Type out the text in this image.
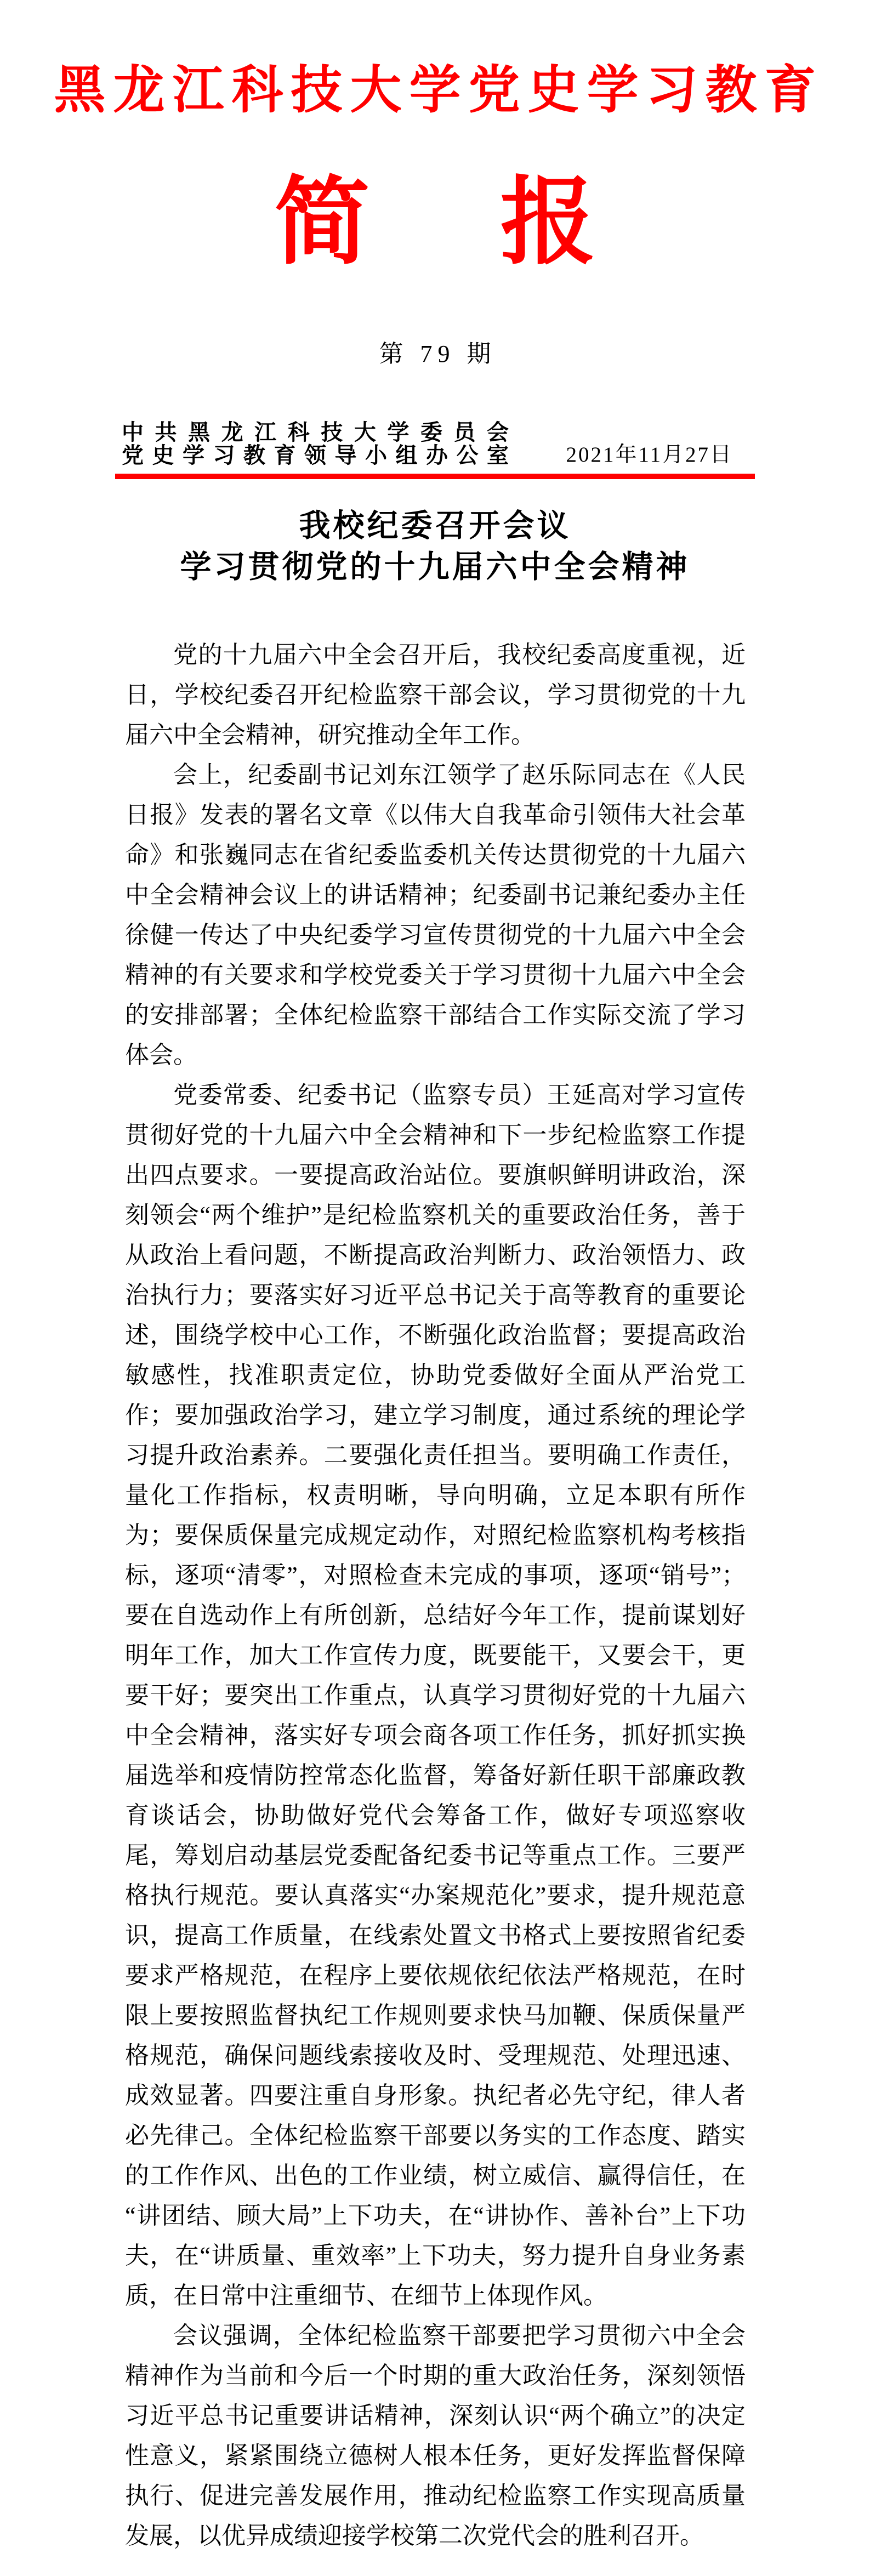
黑龙江科技大学党史学习教育
简 报
第 79 期
中共黑龙江科技大学委员会
党史学习教育领导小组办公室	2021年11月27日
我校纪委召开会议
学习贯彻党的十九届六中全会精神

党的十九届六中全会召开后，我校纪委高度重视，近日，学校纪委召开纪检监察干部会议，学习贯彻党的十九届六中全会精神，研究推动全年工作。

会上，纪委副书记刘东江领学了赵乐际同志在《人民日报》发表的署名文章《以伟大自我革命引领伟大社会革命》和张巍同志在省纪委监委机关传达贯彻党的十九届六中全会精神会议上的讲话精神；纪委副书记兼纪委办主任徐健一传达了中央纪委学习宣传贯彻党的十九届六中全会精神的有关要求和学校党委关于学习贯彻十九届六中全会的安排部署；全体纪检监察干部结合工作实际交流了学习体会。

党委常委、纪委书记（监察专员）王延高对学习宣传贯彻好党的十九届六中全会精神和下一步纪检监察工作提出四点要求。一要提高政治站位。要旗帜鲜明讲政治，深刻领会“两个维护”是纪检监察机关的重要政治任务，善于从政治上看问题，不断提高政治判断力、政治领悟力、政治执行力；要落实好习近平总书记关于高等教育的重要论述，围绕学校中心工作，不断强化政治监督；要提高政治敏感性，找准职责定位，协助党委做好全面从严治党工作；要加强政治学习，建立学习制度，通过系统的理论学习提升政治素养。二要强化责任担当。要明确工作责任，量化工作指标，权责明晰，导向明确，立足本职有所作为；要保质保量完成规定动作，对照纪检监察机构考核指标，逐项“清零”，对照检查未完成的事项，逐项“销号”；要在自选动作上有所创新，总结好今年工作，提前谋划好明年工作，加大工作宣传力度，既要能干，又要会干，更要干好；要突出工作重点，认真学习贯彻好党的十九届六中全会精神，落实好专项会商各项工作任务，抓好抓实换届选举和疫情防控常态化监督，筹备好新任职干部廉政教育谈话会，协助做好党代会筹备工作，做好专项巡察收尾，筹划启动基层党委配备纪委书记等重点工作。三要严格执行规范。要认真落实“办案规范化”要求，提升规范意识，提高工作质量，在线索处置文书格式上要按照省纪委要求严格规范，在程序上要依规依纪依法严格规范，在时限上要按照监督执纪工作规则要求快马加鞭、保质保量严格规范，确保问题线索接收及时、受理规范、处理迅速、成效显著。四要注重自身形象。执纪者必先守纪，律人者必先律己。全体纪检监察干部要以务实的工作态度、踏实的工作作风、出色的工作业绩，树立威信、赢得信任，在“讲团结、顾大局”上下功夫，在“讲协作、善补台”上下功夫，在“讲质量、重效率”上下功夫，努力提升自身业务素质，在日常中注重细节、在细节上体现作风。

会议强调，全体纪检监察干部要把学习贯彻六中全会精神作为当前和今后一个时期的重大政治任务，深刻领悟习近平总书记重要讲话精神，深刻认识“两个确立”的决定性意义，紧紧围绕立德树人根本任务，更好发挥监督保障执行、促进完善发展作用，推动纪检监察工作实现高质量发展，以优异成绩迎接学校第二次党代会的胜利召开。
